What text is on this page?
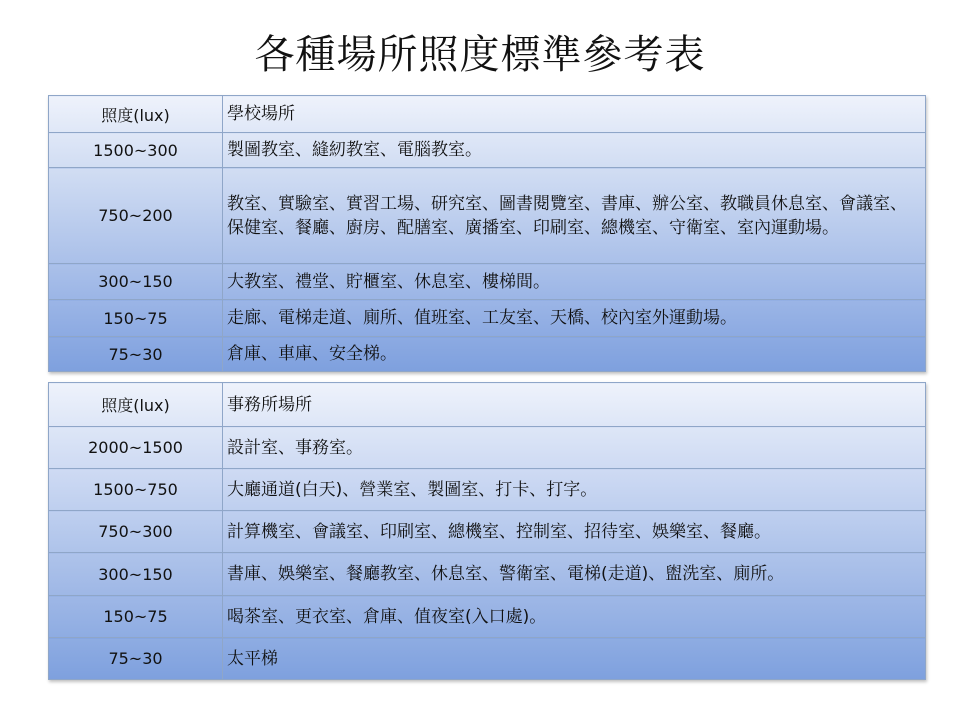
各種場所照度標準參考表
照度(lux)	學校場所
1500~300	製圖教室、縫紉教室、電腦教室。
750~200	教室、實驗室、實習工場、研究室、圖書閱覽室、書庫、辦公室、教職員休息室、會議室、保健室、餐廳、廚房、配膳室、廣播室、印刷室、總機室、守衛室、室內運動場。
300~150	大教室、禮堂、貯櫃室、休息室、樓梯間。
150~75	走廊、電梯走道、廁所、值班室、工友室、天橋、校內室外運動場。
75~30	倉庫、車庫、安全梯。
照度(lux)	事務所場所
2000~1500	設計室、事務室。
1500~750	大廳通道(白天)、營業室、製圖室、打卡、打字。
750~300	計算機室、會議室、印刷室、總機室、控制室、招待室、娛樂室、餐廳。
300~150	書庫、娛樂室、餐廳教室、休息室、警衛室、電梯(走道)、盥洗室、廁所。
150~75	喝茶室、更衣室、倉庫、值夜室(入口處)。
75~30	太平梯
